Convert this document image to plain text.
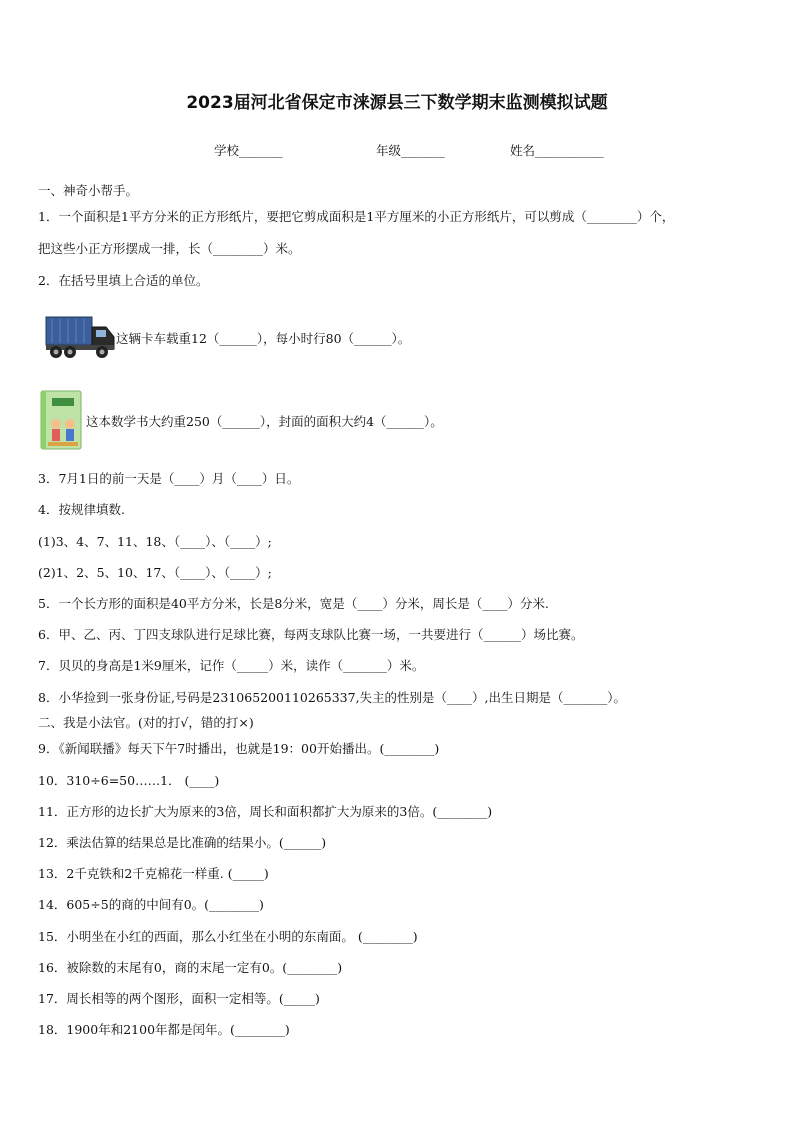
2023届河北省保定市涞源县三下数学期末监测模拟试题
学校_______	年级_______	姓名___________
一、神奇小帮手。
1．一个面积是1平方分米的正方形纸片，要把它剪成面积是1平方厘米的小正方形纸片，可以剪成（________）个，
把这些小正方形摆成一排，长（________）米。
2．在括号里填上合适的单位。
这辆卡车载重12（______），每小时行80（______）。
这本数学书大约重250（______），封面的面积大约4（______）。
3．7月1日的前一天是（____）月（____）日。
4．按规律填数.
(1)3、4、7、11、18、（____）、（____）;
(2)1、2、5、10、17、（____）、（____）;
5．一个长方形的面积是40平方分米，长是8分米，宽是（____）分米，周长是（____）分米.
6．甲、乙、丙、丁四支球队进行足球比赛，每两支球队比赛一场，一共要进行（______）场比赛。
7．贝贝的身高是1米9厘米，记作（_____）米，读作（_______）米。
8．小华捡到一张身份证,号码是231065200110265337,失主的性别是（____）,出生日期是（_______）。
二、我是小法官。(对的打√，错的打×)
9．《新闻联播》每天下午7时播出，也就是19：00开始播出。(________)
10．310÷6=50……1． (____)
11．正方形的边长扩大为原来的3倍，周长和面积都扩大为原来的3倍。(________)
12．乘法估算的结果总是比准确的结果小。(______)
13．2千克铁和2千克棉花一样重. (_____)
14．605÷5的商的中间有0。(________)
15．小明坐在小红的西面，那么小红坐在小明的东南面。 (________)
16．被除数的末尾有0，商的末尾一定有0。(________)
17．周长相等的两个图形，面积一定相等。(_____)
18．1900年和2100年都是闰年。(________)
